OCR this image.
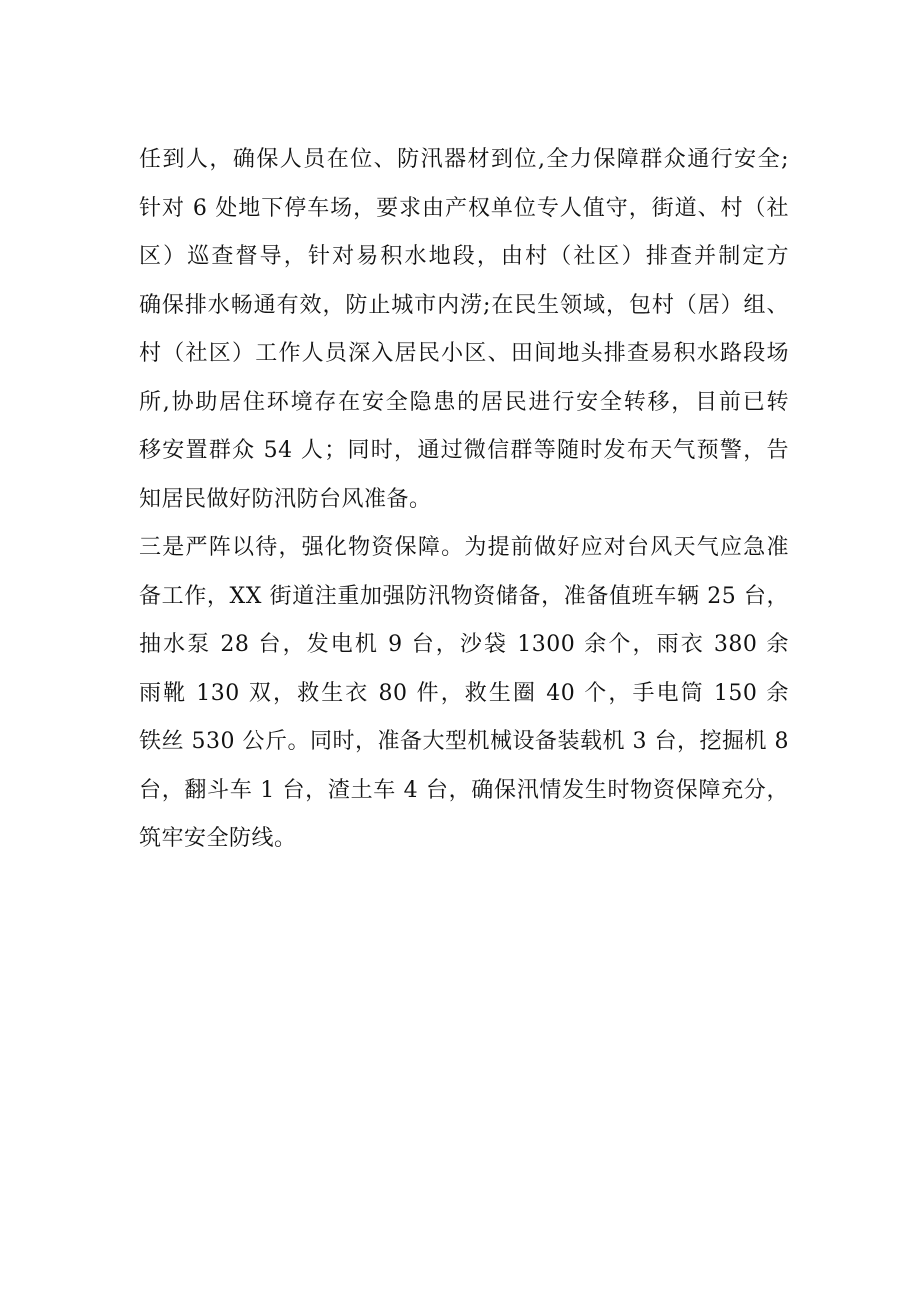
任到人，确保人员在位、防汛器材到位,全力保障群众通行安全;
针对 6 处地下停车场，要求由产权单位专人值守，街道、村（社
区）巡查督导，针对易积水地段，由村（社区）排查并制定方
确保排水畅通有效，防止城市内涝;在民生领域，包村（居）组、
村（社区）工作人员深入居民小区、田间地头排查易积水路段场
所,协助居住环境存在安全隐患的居民进行安全转移，目前已转
移安置群众 54 人；同时，通过微信群等随时发布天气预警，告
知居民做好防汛防台风准备。
三是严阵以待，强化物资保障。为提前做好应对台风天气应急准
备工作，XX 街道注重加强防汛物资储备，准备值班车辆 25 台，
抽水泵 28 台，发电机 9 台，沙袋 1300 余个，雨衣 380 余
雨靴 130 双，救生衣 80 件，救生圈 40 个，手电筒 150 余
铁丝 530 公斤。同时，准备大型机械设备装载机 3 台，挖掘机 8
台，翻斗车 1 台，渣土车 4 台，确保汛情发生时物资保障充分，
筑牢安全防线。
